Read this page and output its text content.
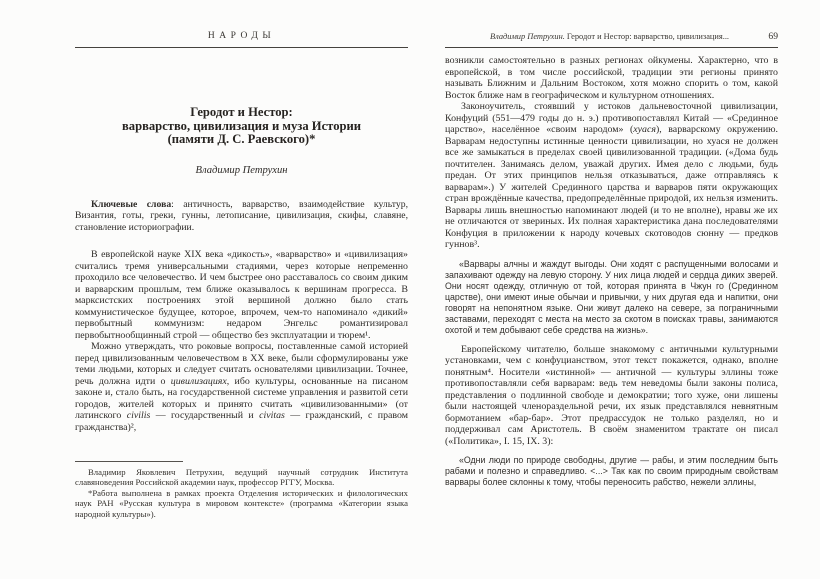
НАРОДЫ
Геродот и Нестор:
варварство, цивилизация и муза Истории
(памяти Д. С. Раевского)*
Владимир Петрухин
Ключевые слова: античность, варварство, взаимодействие культур, Византия, готы, греки, гунны, летописание, цивилизация, скифы, славяне, становление историографии.

В европейской науке XIX века «дикость», «варварство» и «цивилизация» считались тремя универсальными стадиями, через которые непременно проходило все человечество. И чем быстрее оно расставалось со своим диким и варварским прошлым, тем ближе оказывалось к вершинам прогресса. В марксистских построениях этой вершиной должно было стать коммунистическое будущее, которое, впрочем, чем-то напоминало «дикий» первобытный коммунизм: недаром Энгельс романтизировал первобытнообщинный строй — общество без эксплуатации и тюрем¹.

Можно утверждать, что роковые вопросы, поставленные самой историей перед цивилизованным человечеством в XX веке, были сформулированы уже теми людьми, которых и следует считать основателями цивилизации. Точнее, речь должна идти о цивилизациях, ибо культуры, основанные на писаном законе и, стало быть, на государственной системе управления и развитой сети городов, жителей которых и принято считать «цивилизованными» (от латинского civilis — государственный и civitas — гражданский, с правом гражданства)²,

Владимир Яковлевич Петрухин, ведущий научный сотрудник Института славяноведения Российской академии наук, профессор РГГУ, Москва.

*Работа выполнена в рамках проекта Отделения исторических и филологических наук РАН «Русская культура в мировом контексте» (программа «Категории языка народной культуры»).

Владимир Петрухин. Геродот и Нестор: варварство, цивилизация...	69

возникли самостоятельно в разных регионах ойкумены. Характерно, что в европейской, в том числе российской, традиции эти регионы принято называть Ближним и Дальним Востоком, хотя можно спорить о том, какой Восток ближе нам в географическом и культурном отношениях.

Законоучитель, стоявший у истоков дальневосточной цивилизации, Конфуций (551—479 годы до н. э.) противопоставлял Китай — «Срединное царство», населённое «своим народом» (хуася), варварскому окружению. Варварам недоступны истинные ценности цивилизации, но хуася не должен все же замыкаться в пределах своей цивилизованной традиции. («Дома будь почтителен. Занимаясь делом, уважай других. Имея дело с людьми, будь предан. От этих принципов нельзя отказываться, даже отправляясь к варварам».) У жителей Срединного царства и варваров пяти окружающих стран врождённые качества, предопределённые природой, их нельзя изменить. Варвары лишь внешностью напоминают людей (и то не вполне), нравы же их не отличаются от звериных. Их полная характеристика дана последователями Конфуция в приложении к народу кочевых скотоводов сюнну — предков гуннов³.

«Варвары алчны и жаждут выгоды. Они ходят с распущенными волосами и запахивают одежду на левую сторону. У них лица людей и сердца диких зверей. Они носят одежду, отличную от той, которая принята в Чжун го (Срединном царстве), они имеют иные обычаи и привычки, у них другая еда и напитки, они говорят на непонятном языке. Они живут далеко на севере, за пограничными заставами, переходят с места на место за скотом в поисках травы, занимаются охотой и тем добывают себе средства на жизнь».

Европейскому читателю, больше знакомому с античными культурными установками, чем с конфуцианством, этот текст покажется, однако, вполне понятным⁴. Носители «истинной» — античной — культуры эллины тоже противопоставляли себя варварам: ведь тем неведомы были законы полиса, представления о подлинной свободе и демократии; того хуже, они лишены были настоящей членораздельной речи, их язык представлялся невнятным бормотанием «бар-бар». Этот предрассудок не только разделял, но и поддерживал сам Аристотель. В своём знаменитом трактате он писал («Политика», I. 15, IX. 3):

«Одни люди по природе свободны, другие — рабы, и этим последним быть рабами и полезно и справедливо. <...> Так как по своим природным свойствам варвары более склонны к тому, чтобы переносить рабство, нежели эллины,
